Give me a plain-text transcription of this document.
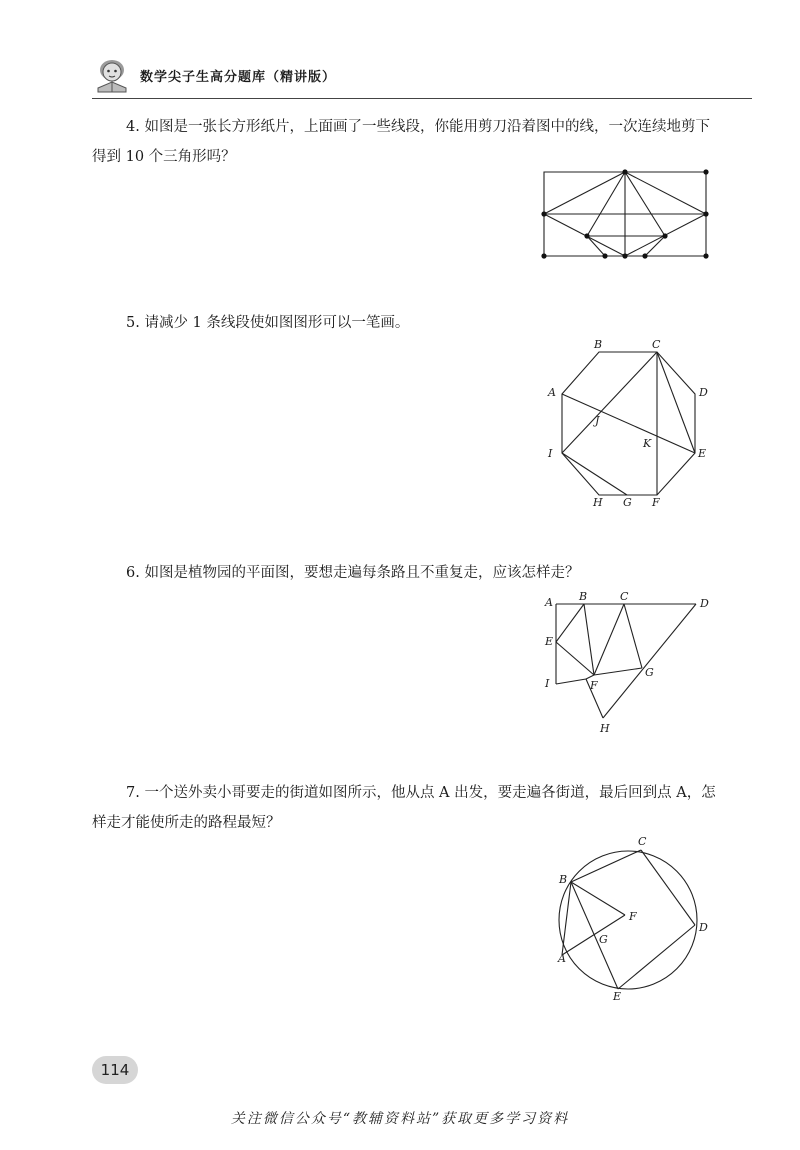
数学尖子生高分题库（精讲版）
4. 如图是一张长方形纸片，上面画了一些线段，你能用剪刀沿着图中的线，一次连续地剪下得到 10 个三角形吗？
5. 请减少 1 条线段使如图图形可以一笔画。
B	C
D
A
J
K
I	E
H G F
6. 如图是植物园的平面图，要想走遍每条路且不重复走，应该怎样走？
A B	C
D
E
F
G
H
I
7. 一个送外卖小哥要走的街道如图所示，他从点 A 出发，要走遍各街道，最后回到点 A，怎样走才能使所走的路程最短？
B
C
D
E
F
G
A
114
关注微信公众号“教辅资料站”获取更多学习资料
